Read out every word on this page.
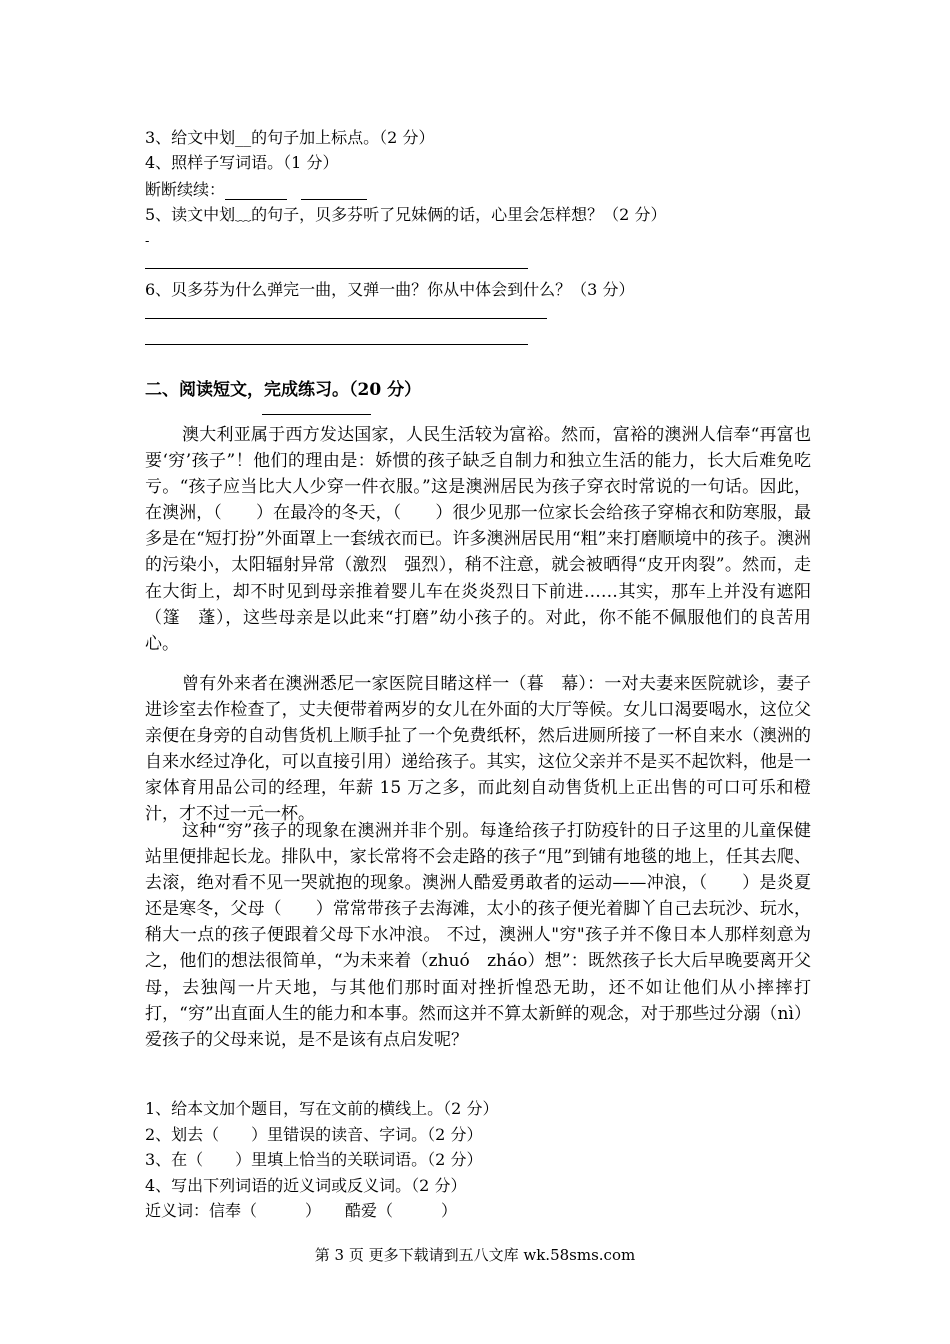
3、给文中划__的句子加上标点。（2 分）
4、照样子写词语。（1 分）
断断续续：
5、读文中划﹏的句子，贝多芬听了兄妹俩的话，心里会怎样想？（2 分）
-
6、贝多芬为什么弹完一曲，又弹一曲？你从中体会到什么？（3 分）
二、阅读短文，完成练习。（20 分）
澳大利亚属于西方发达国家，人民生活较为富裕。然而，富裕的澳洲人信奉“再富也要‘穷’孩子”！他们的理由是：娇惯的孩子缺乏自制力和独立生活的能力，长大后难免吃亏。“孩子应当比大人少穿一件衣服。”这是澳洲居民为孩子穿衣时常说的一句话。因此，在澳洲，（　　）在最冷的冬天，（　　）很少见那一位家长会给孩子穿棉衣和防寒服，最多是在“短打扮”外面罩上一套绒衣而已。许多澳洲居民用“粗”来打磨顺境中的孩子。澳洲的污染小，太阳辐射异常（激烈　强烈），稍不注意，就会被晒得“皮开肉裂”。然而，走在大街上，却不时见到母亲推着婴儿车在炎炎烈日下前进……其实，那车上并没有遮阳（篷　蓬），这些母亲是以此来“打磨”幼小孩子的。对此，你不能不佩服他们的良苦用心。
曾有外来者在澳洲悉尼一家医院目睹这样一（暮　幕）：一对夫妻来医院就诊，妻子进诊室去作检查了，丈夫便带着两岁的女儿在外面的大厅等候。女儿口渴要喝水，这位父亲便在身旁的自动售货机上顺手扯了一个免费纸杯，然后进厕所接了一杯自来水（澳洲的自来水经过净化，可以直接引用）递给孩子。其实，这位父亲并不是买不起饮料，他是一家体育用品公司的经理，年薪 15 万之多，而此刻自动售货机上正出售的可口可乐和橙汁，才不过一元一杯。
这种“穷”孩子的现象在澳洲并非个别。每逢给孩子打防疫针的日子这里的儿童保健站里便排起长龙。排队中，家长常将不会走路的孩子“甩”到铺有地毯的地上，任其去爬、去滚，绝对看不见一哭就抱的现象。澳洲人酷爱勇敢者的运动——冲浪，（　　）是炎夏还是寒冬，父母（　　）常常带孩子去海滩，太小的孩子便光着脚丫自己去玩沙、玩水，稍大一点的孩子便跟着父母下水冲浪。 不过，澳洲人"穷"孩子并不像日本人那样刻意为之，他们的想法很简单，“为未来着（zhuó　zháo）想”：既然孩子长大后早晚要离开父母，去独闯一片天地，与其他们那时面对挫折惶恐无助，还不如让他们从小摔摔打打，“穷”出直面人生的能力和本事。然而这并不算太新鲜的观念，对于那些过分溺（nì）爱孩子的父母来说，是不是该有点启发呢？
1、给本文加个题目，写在文前的横线上。（2 分）
2、划去（　　）里错误的读音、字词。（2 分）
3、在（　　）里填上恰当的关联词语。（2 分）
4、写出下列词语的近义词或反义词。（2 分）
近义词：信奉（　　　）　　酷爱（　　　）
第 3 页 更多下载请到五八文库 wk.58sms.com
